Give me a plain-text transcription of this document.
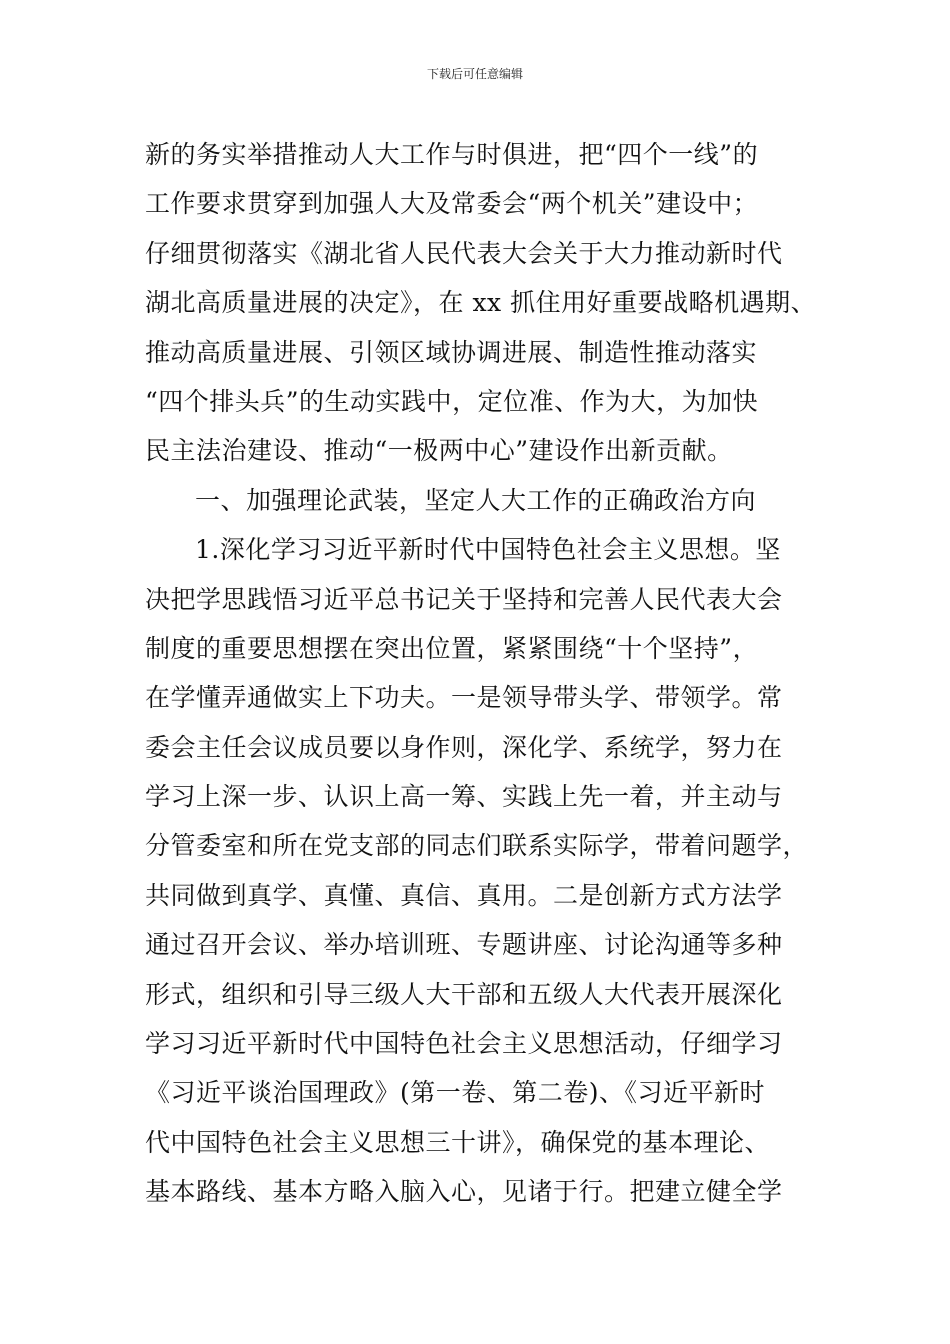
下载后可任意编辑
新的务实举措推动人大工作与时俱进，把“四个一线”的
工作要求贯穿到加强人大及常委会“两个机关”建设中；
仔细贯彻落实《湖北省人民代表大会关于大力推动新时代
湖北高质量进展的决定》，在 xx 抓住用好重要战略机遇期、
推动高质量进展、引领区域协调进展、制造性推动落实
“四个排头兵”的生动实践中，定位准、作为大，为加快
民主法治建设、推动“一极两中心”建设作出新贡献。
一、加强理论武装，坚定人大工作的正确政治方向
1.深化学习习近平新时代中国特色社会主义思想。坚
决把学思践悟习近平总书记关于坚持和完善人民代表大会
制度的重要思想摆在突出位置，紧紧围绕“十个坚持”，
在学懂弄通做实上下功夫。一是领导带头学、带领学。常
委会主任会议成员要以身作则，深化学、系统学，努力在
学习上深一步、认识上高一筹、实践上先一着，并主动与
分管委室和所在党支部的同志们联系实际学，带着问题学，
共同做到真学、真懂、真信、真用。二是创新方式方法学
通过召开会议、举办培训班、专题讲座、讨论沟通等多种
形式，组织和引导三级人大干部和五级人大代表开展深化
学习习近平新时代中国特色社会主义思想活动，仔细学习
《习近平谈治国理政》(第一卷、第二卷)、《习近平新时
代中国特色社会主义思想三十讲》，确保党的基本理论、
基本路线、基本方略入脑入心，见诸于行。把建立健全学
